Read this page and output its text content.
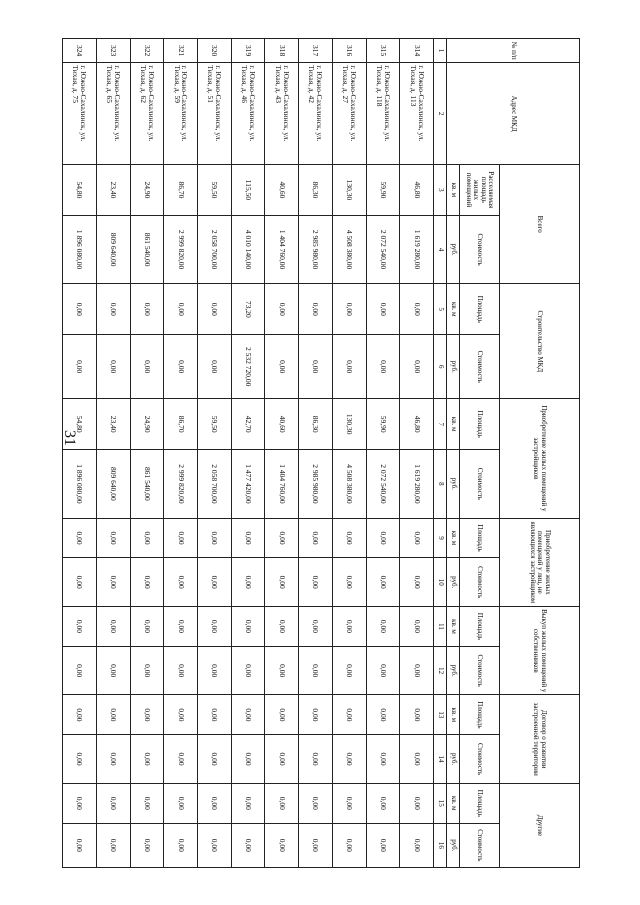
31
№ п/п	Адрес МКД	Всего		Строительство МКД		Приобретение жилых помещений у застройщиков		Приобретение жилых помещений у лиц, не являющихся застройщиком		Выкуп жилых помещений у собственников		Договор о развитии застроенной территории		Другие	
		Расселяемая площадь жилых помещений	Стоимость	Площадь	Стоимость	Площадь	Стоимость	Площадь	Стоимость	Площадь	Стоимость	Площадь	Стоимость	Площадь	Стоимость
		кв. м	руб.	кв. м	руб.	кв. м	руб.	кв. м	руб.	кв. м	руб.	кв. м	руб.	кв. м	руб.
1	2	3	4	5	6	7	8	9	10	11	12	13	14	15	16
314	г. Южно-Сахалинск, ул. Тихая, д. 113	46,80	1 619 280,00	0,00	0,00	46,80	1 619 280,00	0,00	0,00	0,00	0,00	0,00	0,00	0,00	0,00
315	г. Южно-Сахалинск, ул. Тихая, д. 118	59,90	2 072 540,00	0,00	0,00	59,90	2 072 540,00	0,00	0,00	0,00	0,00	0,00	0,00	0,00	0,00
316	г. Южно-Сахалинск, ул. Тихая, д. 27	130,30	4 508 380,00	0,00	0,00	130,30	4 508 380,00	0,00	0,00	0,00	0,00	0,00	0,00	0,00	0,00
317	г. Южно-Сахалинск, ул. Тихая, д. 42	86,30	2 985 980,00	0,00	0,00	86,30	2 985 980,00	0,00	0,00	0,00	0,00	0,00	0,00	0,00	0,00
318	г. Южно-Сахалинск, ул. Тихая, д. 43	40,60	1 404 760,00	0,00	0,00	40,60	1 404 760,00	0,00	0,00	0,00	0,00	0,00	0,00	0,00	0,00
319	г. Южно-Сахалинск, ул. Тихая, д. 46	115,50	4 010 140,00	73,20	2 532 720,00	42,70	1 477 420,00	0,00	0,00	0,00	0,00	0,00	0,00	0,00	0,00
320	г. Южно-Сахалинск, ул. Тихая, д. 51	59,50	2 058 700,00	0,00	0,00	59,50	2 058 700,00	0,00	0,00	0,00	0,00	0,00	0,00	0,00	0,00
321	г. Южно-Сахалинск, ул. Тихая, д. 59	86,70	2 999 820,00	0,00	0,00	86,70	2 999 820,00	0,00	0,00	0,00	0,00	0,00	0,00	0,00	0,00
322	г. Южно-Сахалинск, ул. Тихая, д. 62	24,90	861 540,00	0,00	0,00	24,90	861 540,00	0,00	0,00	0,00	0,00	0,00	0,00	0,00	0,00
323	г. Южно-Сахалинск, ул. Тихая, д. 65	23,40	809 640,00	0,00	0,00	23,40	809 640,00	0,00	0,00	0,00	0,00	0,00	0,00	0,00	0,00
324	г. Южно-Сахалинск, ул. Тихая, д. 75	54,80	1 896 080,00	0,00	0,00	54,80	1 896 080,00	0,00	0,00	0,00	0,00	0,00	0,00	0,00	0,00
